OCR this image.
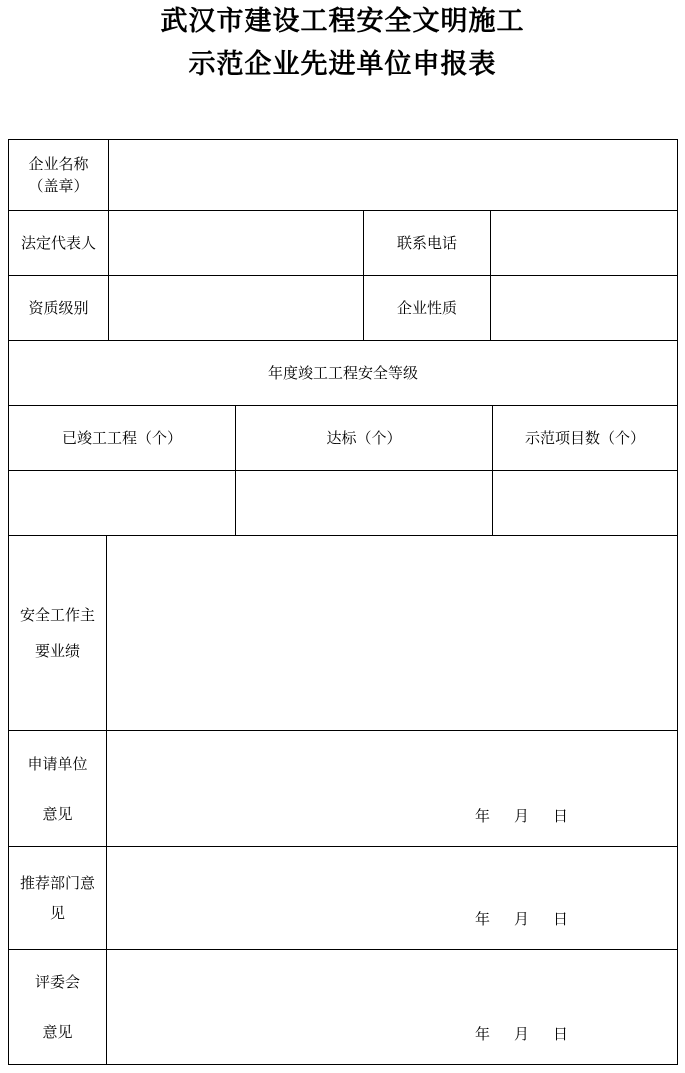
武汉市建设工程安全文明施工
示范企业先进单位申报表
企业名称
（盖章）
法定代表人	联系电话
资质级别	企业性质
年度竣工工程安全等级
已竣工工程（个）	达标（个）	示范项目数（个）
安全工作主
要业绩
申请单位
意见	年 月 日
推荐部门意
见	年 月 日
评委会
意见	年 月 日
